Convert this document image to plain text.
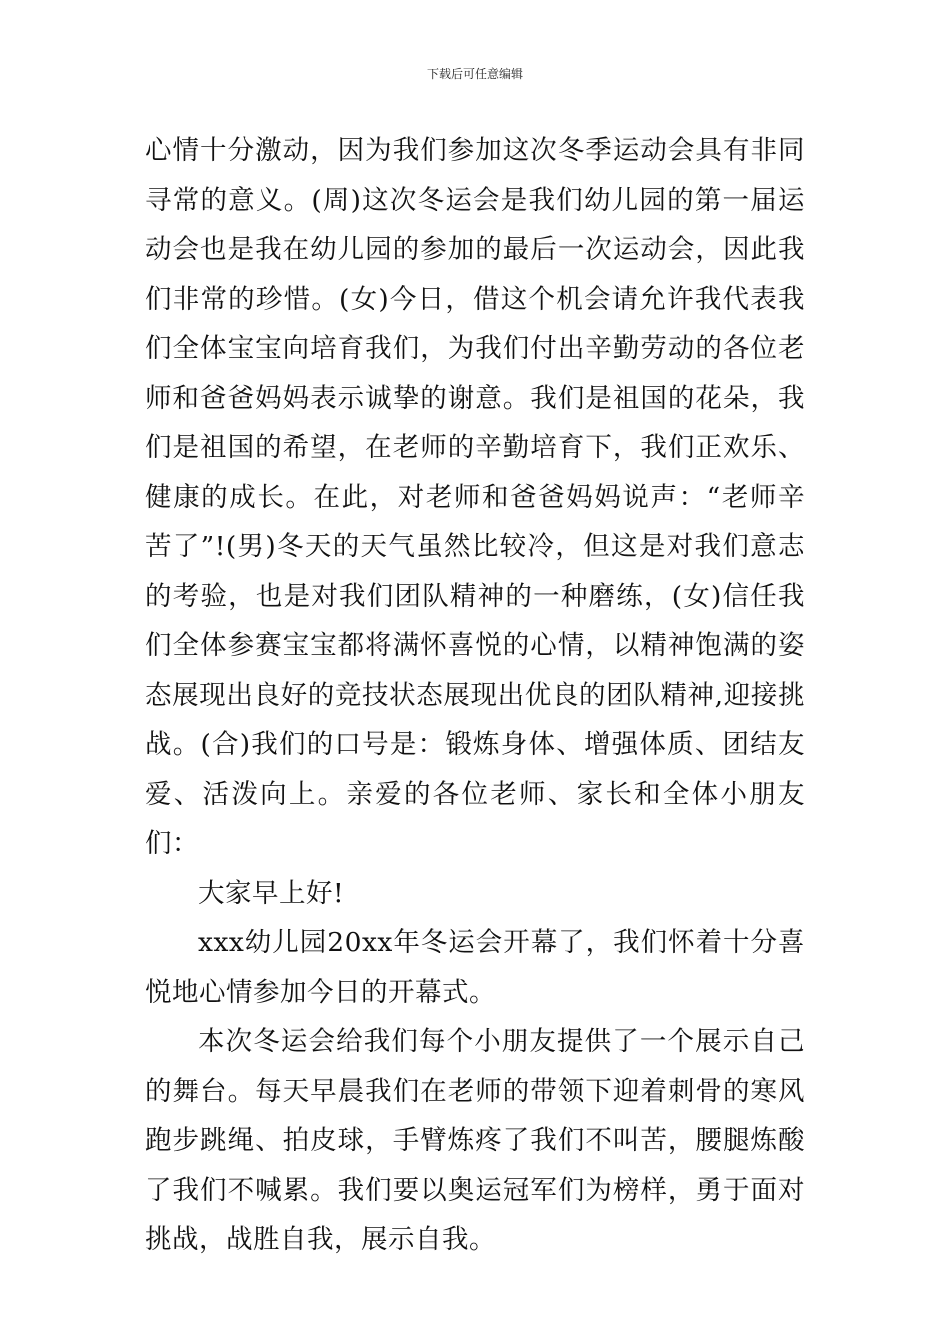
下载后可任意编辑

心情十分激动，因为我们参加这次冬季运动会具有非同寻常的意义。(周)这次冬运会是我们幼儿园的第一届运动会也是我在幼儿园的参加的最后一次运动会，因此我们非常的珍惜。(女)今日，借这个机会请允许我代表我们全体宝宝向培育我们，为我们付出辛勤劳动的各位老师和爸爸妈妈表示诚挚的谢意。我们是祖国的花朵，我们是祖国的希望，在老师的辛勤培育下，我们正欢乐、健康的成长。在此，对老师和爸爸妈妈说声：“老师辛苦了”!(男)冬天的天气虽然比较冷，但这是对我们意志的考验，也是对我们团队精神的一种磨练，(女)信任我们全体参赛宝宝都将满怀喜悦的心情，以精神饱满的姿态展现出良好的竞技状态展现出优良的团队精神,迎接挑战。(合)我们的口号是：锻炼身体、增强体质、团结友爱、活泼向上。亲爱的各位老师、家长和全体小朋友们：

大家早上好!

xxx幼儿园20xx年冬运会开幕了，我们怀着十分喜悦地心情参加今日的开幕式。

本次冬运会给我们每个小朋友提供了一个展示自己的舞台。每天早晨我们在老师的带领下迎着刺骨的寒风跑步跳绳、拍皮球，手臂炼疼了我们不叫苦，腰腿炼酸了我们不喊累。我们要以奥运冠军们为榜样，勇于面对挑战，战胜自我，展示自我。
